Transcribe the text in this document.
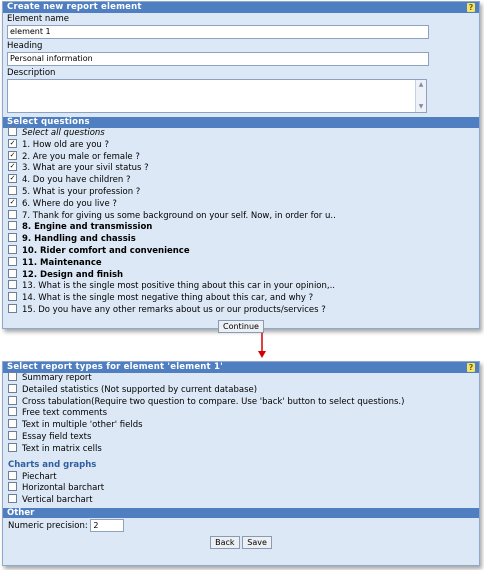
Create new report element	?
Element name
element 1
Heading
Personal information
Description
▲
▼
Select questions
Select all questions
✓ 1. How old are you ?
✓ 2. Are you male or female ?
✓ 3. What are your sivil status ?
✓ 4. Do you have children ?
5. What is your profession ?
✓ 6. Where do you live ?
7. Thank for giving us some background on your self. Now, in order for u..
8. Engine and transmission
9. Handling and chassis
10. Rider comfort and convenience
11. Maintenance
12. Design and finish
13. What is the single most positive thing about this car in your opinion,..
14. What is the single most negative thing about this car, and why ?
15. Do you have any other remarks about us or our products/services ?
Continue
Select report types for element 'element 1'	?
Summary report
Detailed statistics (Not supported by current database)
Cross tabulation(Require two question to compare. Use 'back' button to select questions.)
Free text comments
Text in multiple 'other' fields
Essay field texts
Text in matrix cells
Charts and graphs
Piechart
Horizontal barchart
Vertical barchart
Other
Numeric precision: 2
Back Save
